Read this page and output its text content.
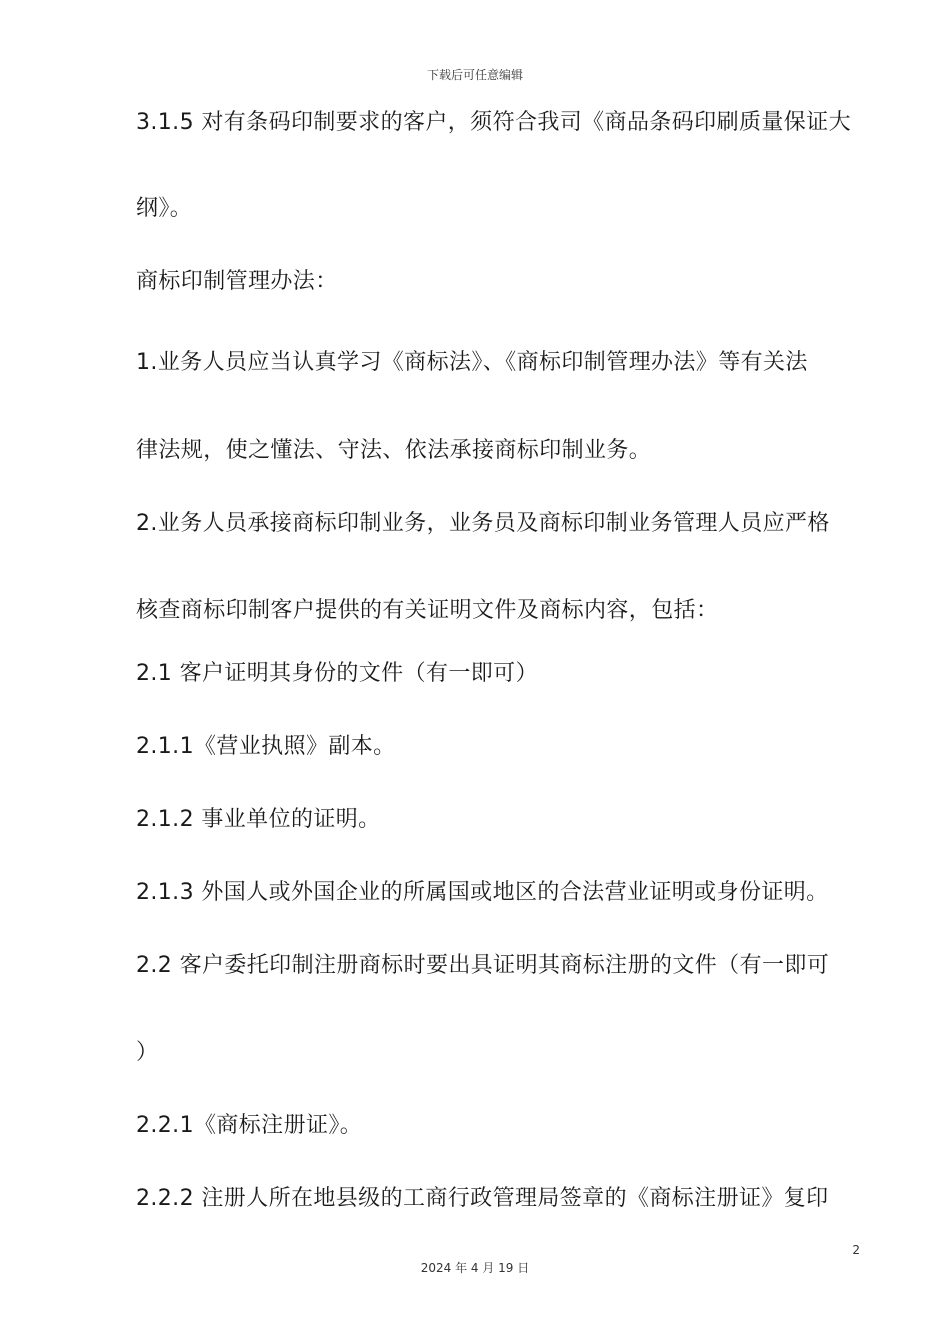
下载后可任意编辑
3.1.5 对有条码印制要求的客户，须符合我司《商品条码印刷质量保证大
纲》。
商标印制管理办法：
1.业务人员应当认真学习《商标法》、《商标印制管理办法》等有关法
律法规，使之懂法、守法、依法承接商标印制业务。
2.业务人员承接商标印制业务，业务员及商标印制业务管理人员应严格
核查商标印制客户提供的有关证明文件及商标内容，包括：
2.1 客户证明其身份的文件（有一即可）
2.1.1《营业执照》副本。
2.1.2 事业单位的证明。
2.1.3 外国人或外国企业的所属国或地区的合法营业证明或身份证明。
2.2 客户委托印制注册商标时要出具证明其商标注册的文件（有一即可
）
2.2.1《商标注册证》。
2.2.2 注册人所在地县级的工商行政管理局签章的《商标注册证》复印
2
2024 年 4 月 19 日
